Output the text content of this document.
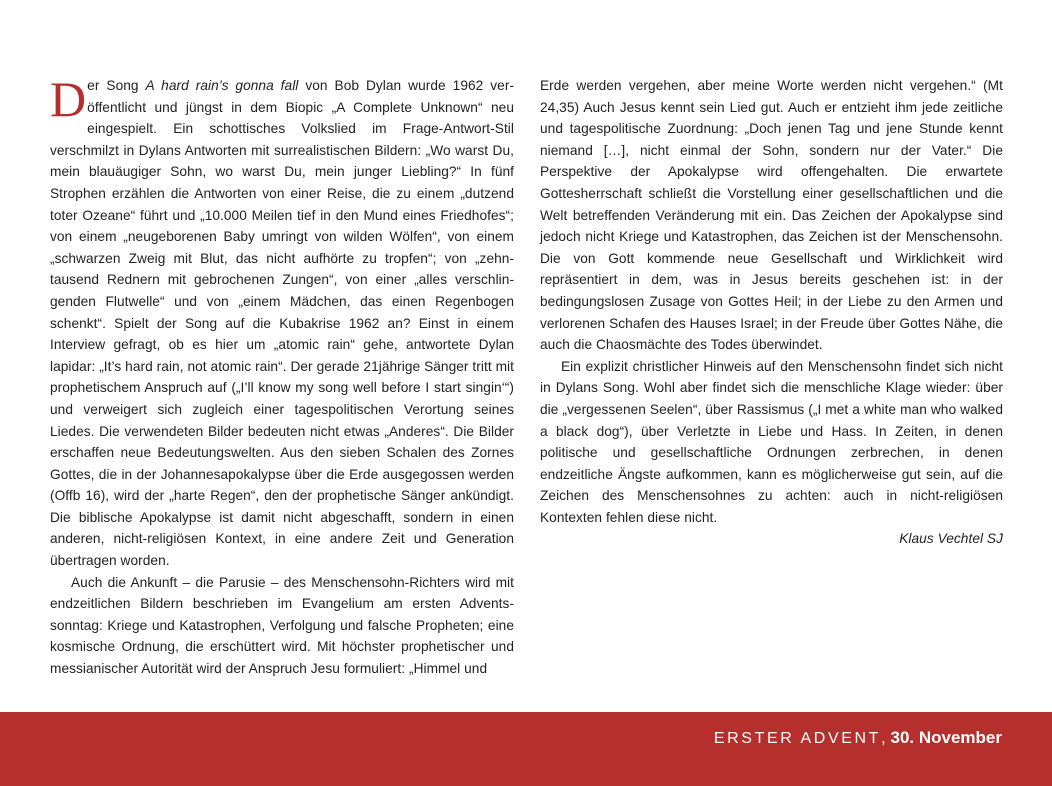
Der Song A hard rain’s gonna fall von Bob Dylan wurde 1962 veröffentlicht und jüngst in dem Biopic „A Complete Unknown“ neu eingespielt. Ein schottisches Volkslied im Frage-Antwort-Stil verschmilzt in Dylans Antworten mit surrealistischen Bildern: „Wo warst Du, mein blauäugiger Sohn, wo warst Du, mein junger Liebling?“ In fünf Strophen erzählen die Antworten von einer Reise, die zu einem „dutzend toter Ozeane“ führt und „10.000 Meilen tief in den Mund eines Friedhofes“; von einem „neugeborenen Baby umringt von wilden Wölfen“, von einem „schwarzen Zweig mit Blut, das nicht aufhörte zu tropfen“; von „zehntausend Rednern mit gebrochenen Zungen“, von einer „alles verschlingenden Flutwelle“ und von „einem Mädchen, das einen Regenbogen schenkt“. Spielt der Song auf die Kubakrise 1962 an? Einst in einem Interview gefragt, ob es hier um „atomic rain“ gehe, antwortete Dylan lapidar: „It’s hard rain, not atomic rain“. Der gerade 21jährige Sänger tritt mit prophetischem Anspruch auf („I’ll know my song well before I start singin‘“) und verweigert sich zugleich einer tagespolitischen Verortung seines Liedes. Die verwendeten Bilder bedeuten nicht etwas „Anderes“. Die Bilder erschaffen neue Bedeutungswelten. Aus den sieben Schalen des Zornes Gottes, die in der Johannesapokalypse über die Erde ausgegossen werden (Offb 16), wird der „harte Regen“, den der prophetische Sänger ankündigt. Die biblische Apokalypse ist damit nicht abgeschafft, sondern in einen anderen, nicht-religiösen Kontext, in eine andere Zeit und Generation übertragen worden.

Auch die Ankunft – die Parusie – des Menschensohn-Richters wird mit endzeitlichen Bildern beschrieben im Evangelium am ersten Adventssonntag: Kriege und Katastrophen, Verfolgung und falsche Propheten; eine kosmische Ordnung, die erschüttert wird. Mit höchster prophetischer und messianischer Autorität wird der Anspruch Jesu formuliert: „Himmel und

Erde werden vergehen, aber meine Worte werden nicht vergehen.“ (Mt 24,35) Auch Jesus kennt sein Lied gut. Auch er entzieht ihm jede zeitliche und tagespolitische Zuordnung: „Doch jenen Tag und jene Stunde kennt niemand […], nicht einmal der Sohn, sondern nur der Vater.“ Die Perspektive der Apokalypse wird offengehalten. Die erwartete Gottesherrschaft schließt die Vorstellung einer gesellschaftlichen und die Welt betreffenden Veränderung mit ein. Das Zeichen der Apokalypse sind jedoch nicht Kriege und Katastrophen, das Zeichen ist der Menschensohn. Die von Gott kommende neue Gesellschaft und Wirklichkeit wird repräsentiert in dem, was in Jesus bereits geschehen ist: in der bedingungslosen Zusage von Gottes Heil; in der Liebe zu den Armen und verlorenen Schafen des Hauses Israel; in der Freude über Gottes Nähe, die auch die Chaosmächte des Todes überwindet.

Ein explizit christlicher Hinweis auf den Menschensohn findet sich nicht in Dylans Song. Wohl aber findet sich die menschliche Klage wieder: über die „vergessenen Seelen“, über Rassismus („I met a white man who walked a black dog“), über Verletzte in Liebe und Hass. In Zeiten, in denen politische und gesellschaftliche Ordnungen zerbrechen, in denen endzeitliche Ängste aufkommen, kann es möglicherweise gut sein, auf die Zeichen des Menschensohnes zu achten: auch in nicht-religiösen Kontexten fehlen diese nicht.

Klaus Vechtel SJ

ERSTER ADVENT, 30. November
